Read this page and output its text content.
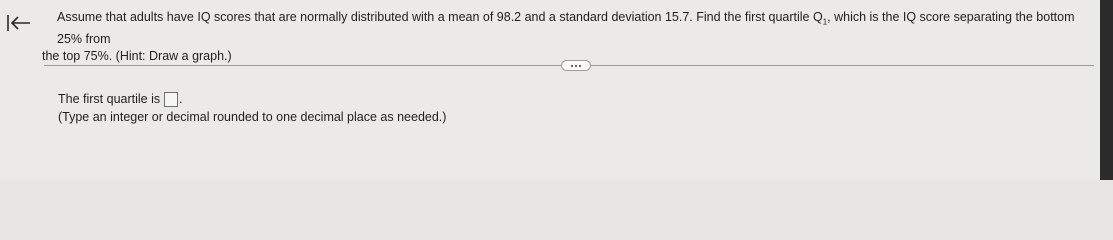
Assume that adults have IQ scores that are normally distributed with a mean of 98.2 and a standard deviation 15.7. Find the first quartile $Q_1$, which is the IQ score separating the bottom 25% from
the top 75%. (Hint: Draw a graph.)
The first quartile is .
(Type an integer or decimal rounded to one decimal place as needed.)
